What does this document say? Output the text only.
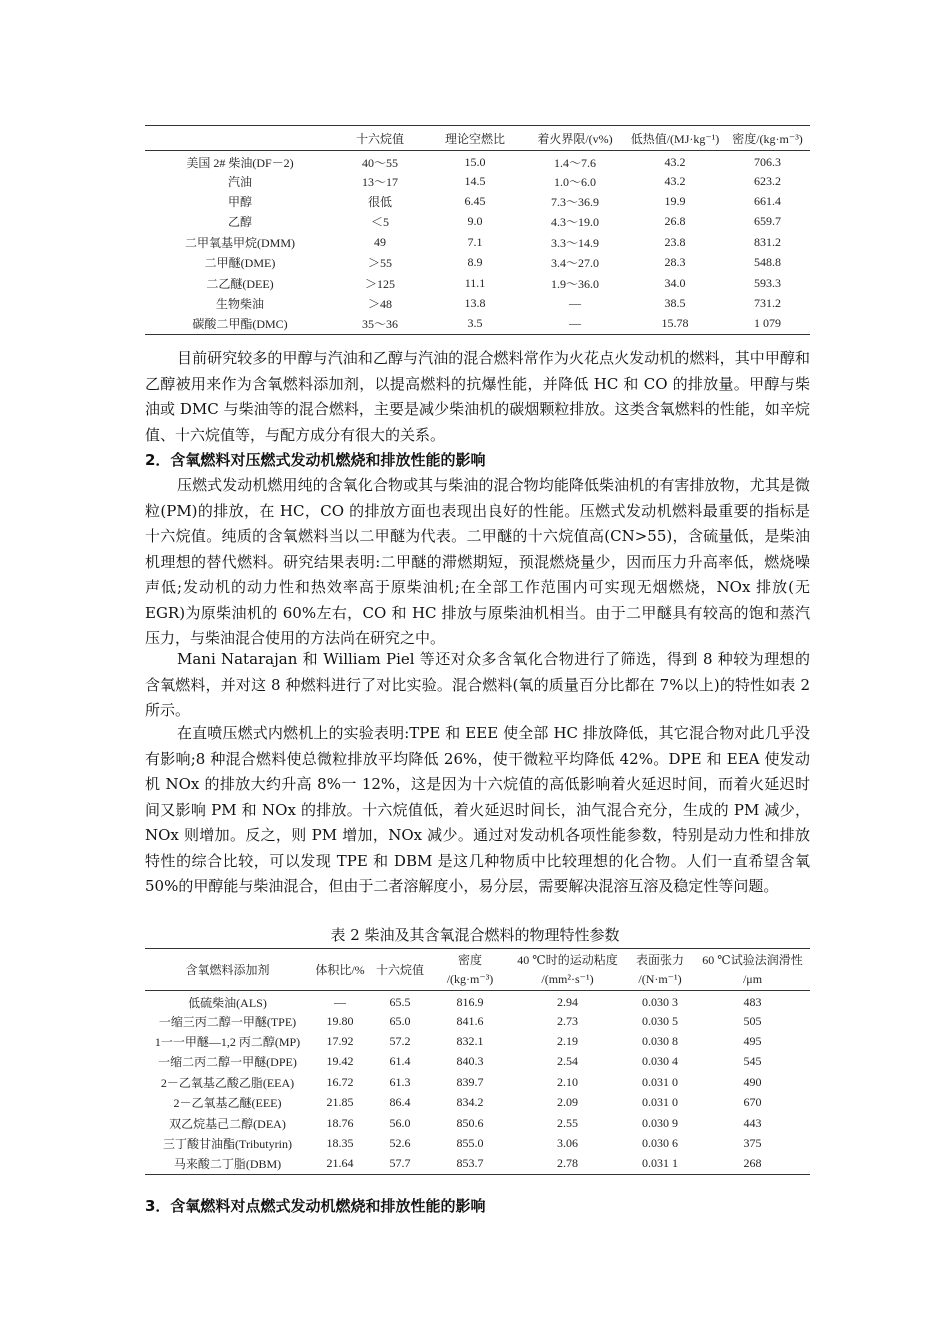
	十六烷值	理论空燃比	着火界限/(v%)	低热值/(MJ·kg⁻¹)	密度/(kg·m⁻³)
美国 2# 柴油(DF－2)	40～55	15.0	1.4～7.6	43.2	706.3
汽油	13～17	14.5	1.0～6.0	43.2	623.2
甲醇	很低	6.45	7.3～36.9	19.9	661.4
乙醇	＜5	9.0	4.3～19.0	26.8	659.7
二甲氧基甲烷(DMM)	49	7.1	3.3～14.9	23.8	831.2
二甲醚(DME)	＞55	8.9	3.4～27.0	28.3	548.8
二乙醚(DEE)	＞125	11.1	1.9～36.0	34.0	593.3
生物柴油	＞48	13.8	—	38.5	731.2
碳酸二甲酯(DMC)	35～36	3.5	—	15.78	1 079
目前研究较多的甲醇与汽油和乙醇与汽油的混合燃料常作为火花点火发动机的燃料，其中甲醇和乙醇被用来作为含氧燃料添加剂，以提高燃料的抗爆性能，并降低 HC 和 CO 的排放量。甲醇与柴油或 DMC 与柴油等的混合燃料，主要是减少柴油机的碳烟颗粒排放。这类含氧燃料的性能，如辛烷值、十六烷值等，与配方成分有很大的关系。
2．含氧燃料对压燃式发动机燃烧和排放性能的影响
压燃式发动机燃用纯的含氧化合物或其与柴油的混合物均能降低柴油机的有害排放物，尤其是微粒(PM)的排放，在 HC，CO 的排放方面也表现出良好的性能。压燃式发动机燃料最重要的指标是十六烷值。纯质的含氧燃料当以二甲醚为代表。二甲醚的十六烷值高(CN>55)，含硫量低，是柴油机理想的替代燃料。研究结果表明:二甲醚的滞燃期短，预混燃烧量少，因而压力升高率低，燃烧噪声低;发动机的动力性和热效率高于原柴油机;在全部工作范围内可实现无烟燃烧，NOx 排放(无 EGR)为原柴油机的 60%左右，CO 和 HC 排放与原柴油机相当。由于二甲醚具有较高的饱和蒸汽压力，与柴油混合使用的方法尚在研究之中。
Mani Natarajan 和 William Piel 等还对众多含氧化合物进行了筛选，得到 8 种较为理想的含氧燃料，并对这 8 种燃料进行了对比实验。混合燃料(氧的质量百分比都在 7%以上)的特性如表 2 所示。
在直喷压燃式内燃机上的实验表明:TPE 和 EEE 使全部 HC 排放降低，其它混合物对此几乎没有影响;8 种混合燃料使总微粒排放平均降低 26%，使干微粒平均降低 42%。DPE 和 EEA 使发动机 NOx 的排放大约升高 8%一 12%，这是因为十六烷值的高低影响着火延迟时间，而着火延迟时间又影响 PM 和 NOx 的排放。十六烷值低，着火延迟时间长，油气混合充分，生成的 PM 减少，NOx 则增加。反之，则 PM 增加，NOx 减少。通过对发动机各项性能参数，特别是动力性和排放特性的综合比较，可以发现 TPE 和 DBM 是这几种物质中比较理想的化合物。人们一直希望含氧 50%的甲醇能与柴油混合，但由于二者溶解度小，易分层，需要解决混溶互溶及稳定性等问题。
表 2 柴油及其含氧混合燃料的物理特性参数
含氧燃料添加剂	体积比/%	十六烷值	密度	40 ℃时的运动粘度	表面张力	60 ℃试验法润滑性
			/(kg·m⁻³)	/(mm²·s⁻¹)	/(N·m⁻¹)	/μm
低硫柴油(ALS)	—	65.5	816.9	2.94	0.030 3	483
一缩三丙二醇一甲醚(TPE)	19.80	65.0	841.6	2.73	0.030 5	505
1一一甲醚—1,2 丙二醇(MP)	17.92	57.2	832.1	2.19	0.030 8	495
一缩二丙二醇一甲醚(DPE)	19.42	61.4	840.3	2.54	0.030 4	545
2－乙氧基乙酸乙脂(EEA)	16.72	61.3	839.7	2.10	0.031 0	490
2－乙氧基乙醚(EEE)	21.85	86.4	834.2	2.09	0.031 0	670
双乙烷基己二醇(DEA)	18.76	56.0	850.6	2.55	0.030 9	443
三丁酸甘油酯(Tributyrin)	18.35	52.6	855.0	3.06	0.030 6	375
马来酸二丁脂(DBM)	21.64	57.7	853.7	2.78	0.031 1	268
3．含氧燃料对点燃式发动机燃烧和排放性能的影响
